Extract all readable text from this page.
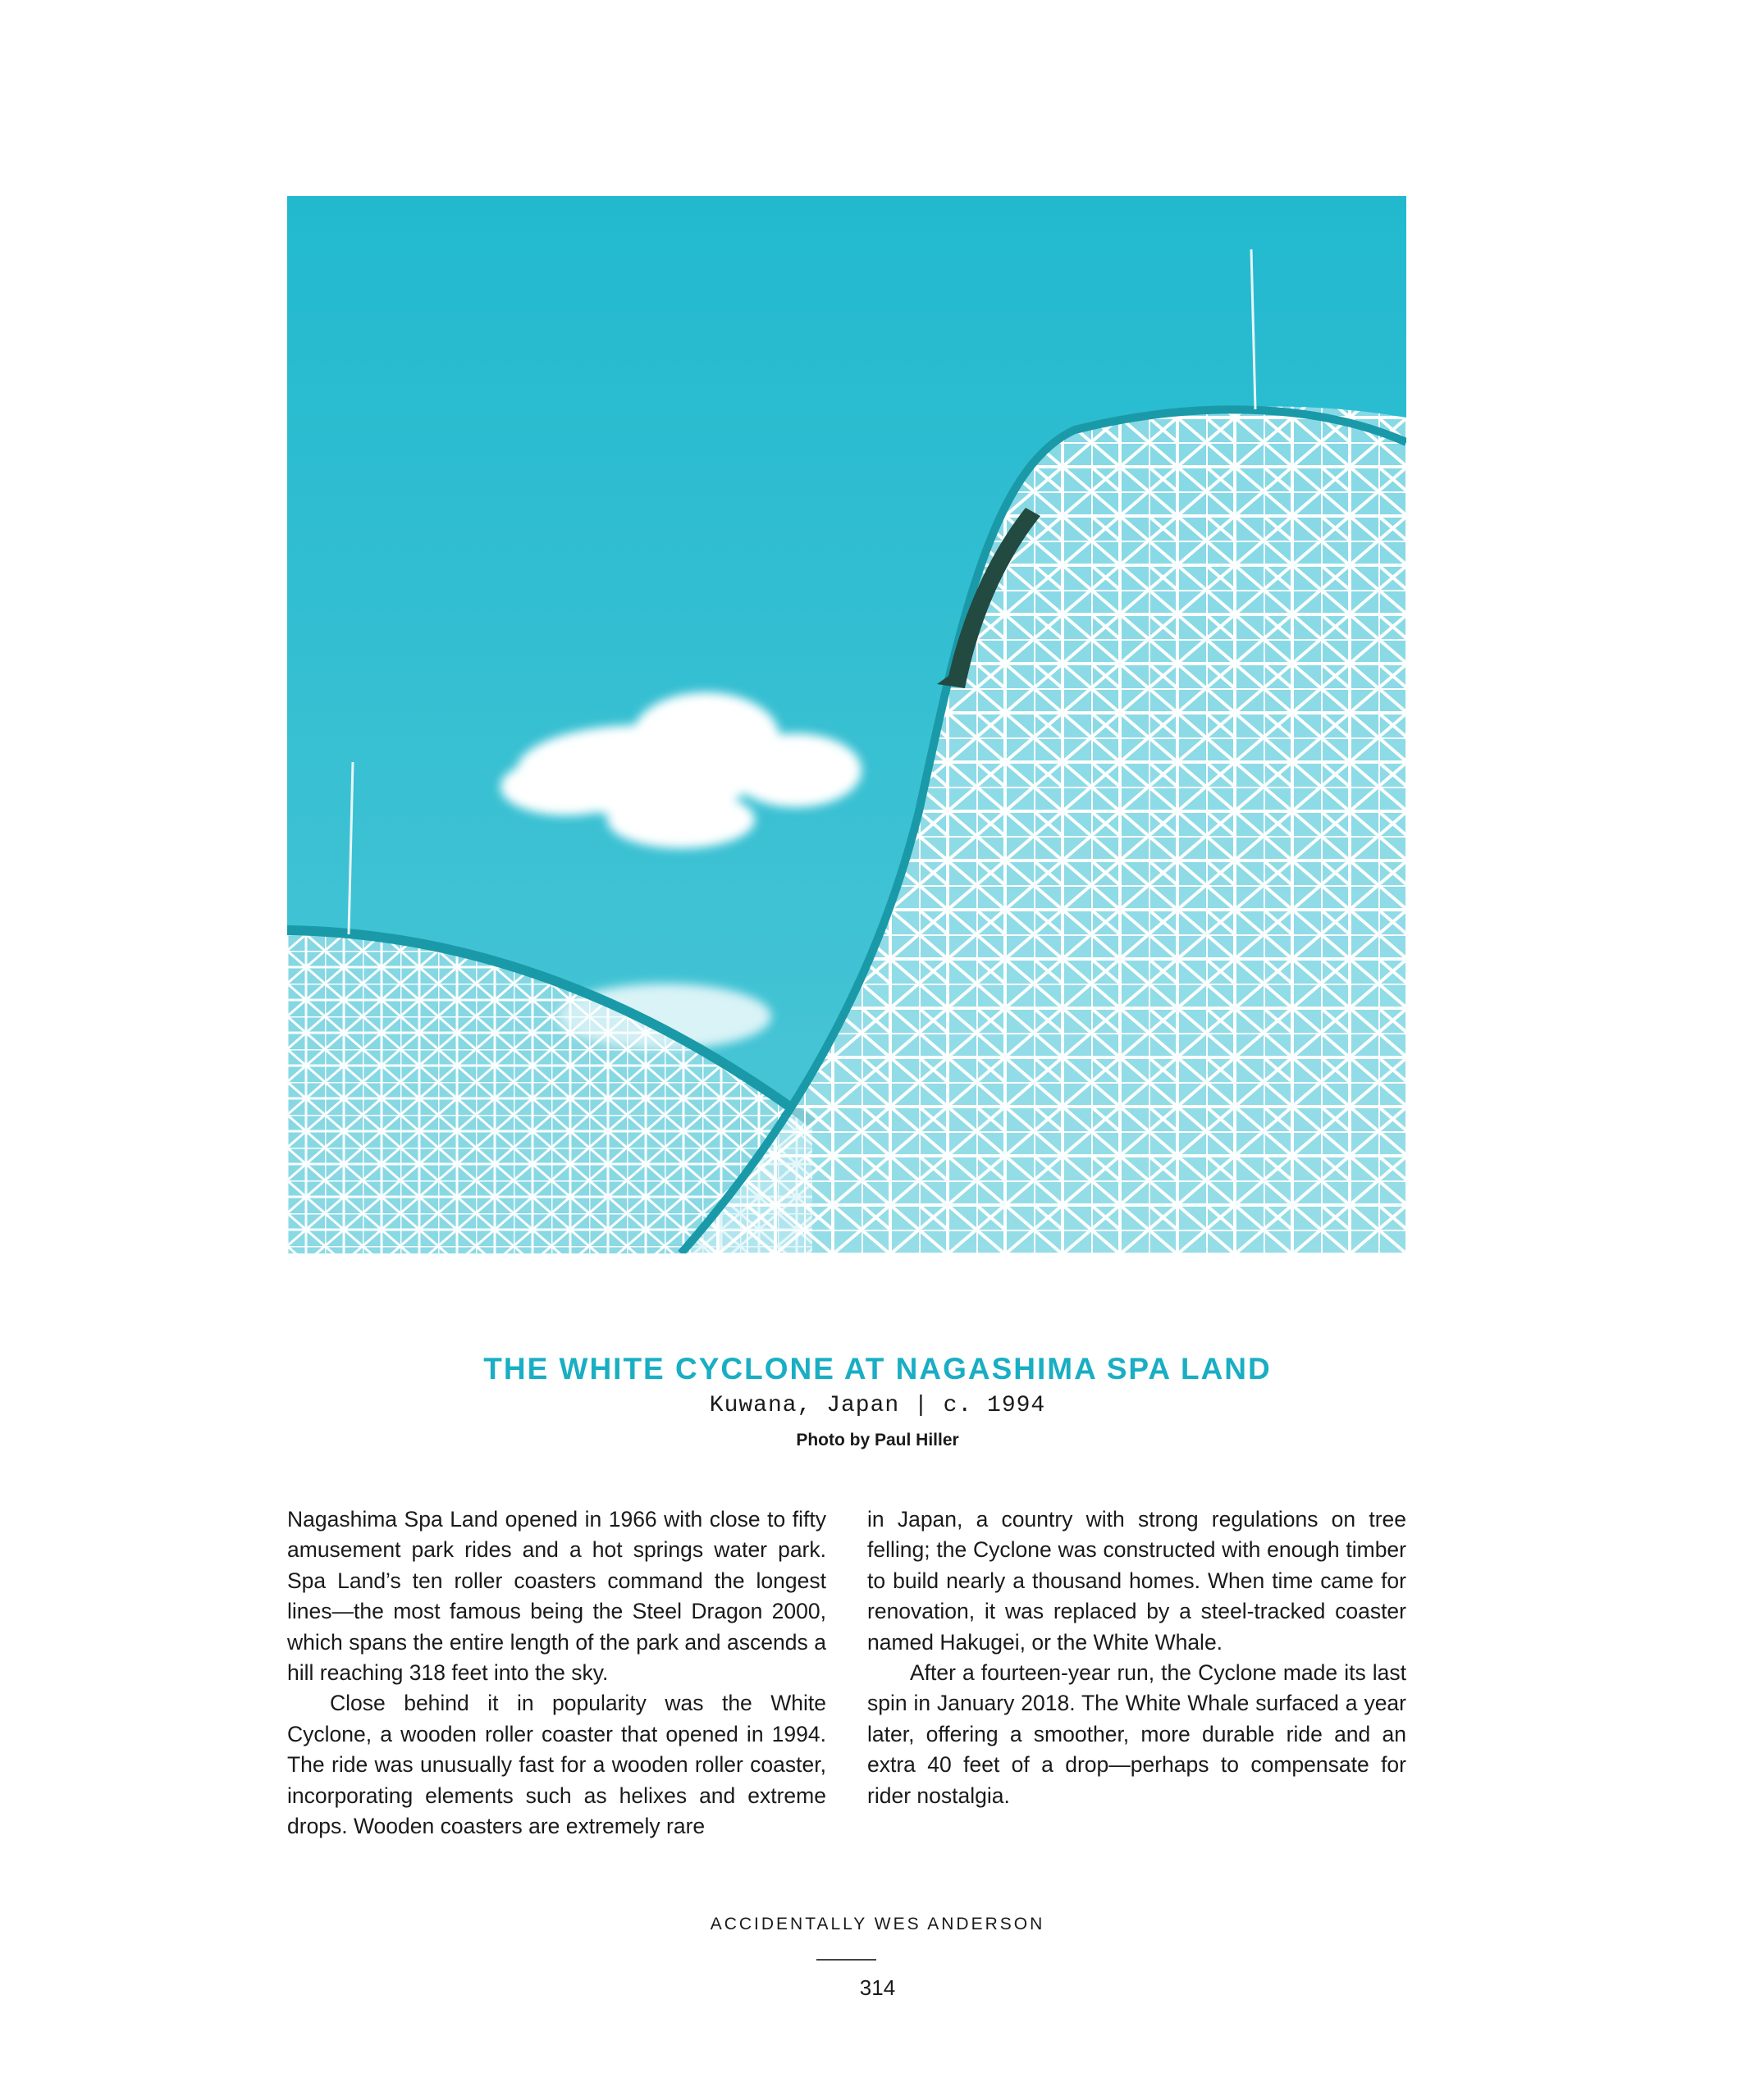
THE WHITE CYCLONE AT NAGASHIMA SPA LAND
Kuwana, Japan | c. 1994
Photo by Paul Hiller

Nagashima Spa Land opened in 1966 with close to fifty amusement park rides and a hot springs water park. Spa Land’s ten roller coasters command the longest lines—the most famous being the Steel Dragon 2000, which spans the entire length of the park and ascends a hill reaching 318 feet into the sky.

Close behind it in popularity was the White Cyclone, a wooden roller coaster that opened in 1994. The ride was unusually fast for a wooden roller coaster, incorporating elements such as helixes and extreme drops. Wooden coasters are extremely rare

in Japan, a country with strong regulations on tree felling; the Cyclone was constructed with enough timber to build nearly a thousand homes. When time came for renovation, it was replaced by a steel-tracked coaster named Hakugei, or the White Whale.

After a fourteen-year run, the Cyclone made its last spin in January 2018. The White Whale surfaced a year later, offering a smoother, more durable ride and an extra 40 feet of a drop—perhaps to compensate for rider nostalgia.

ACCIDENTALLY WES ANDERSON
314
